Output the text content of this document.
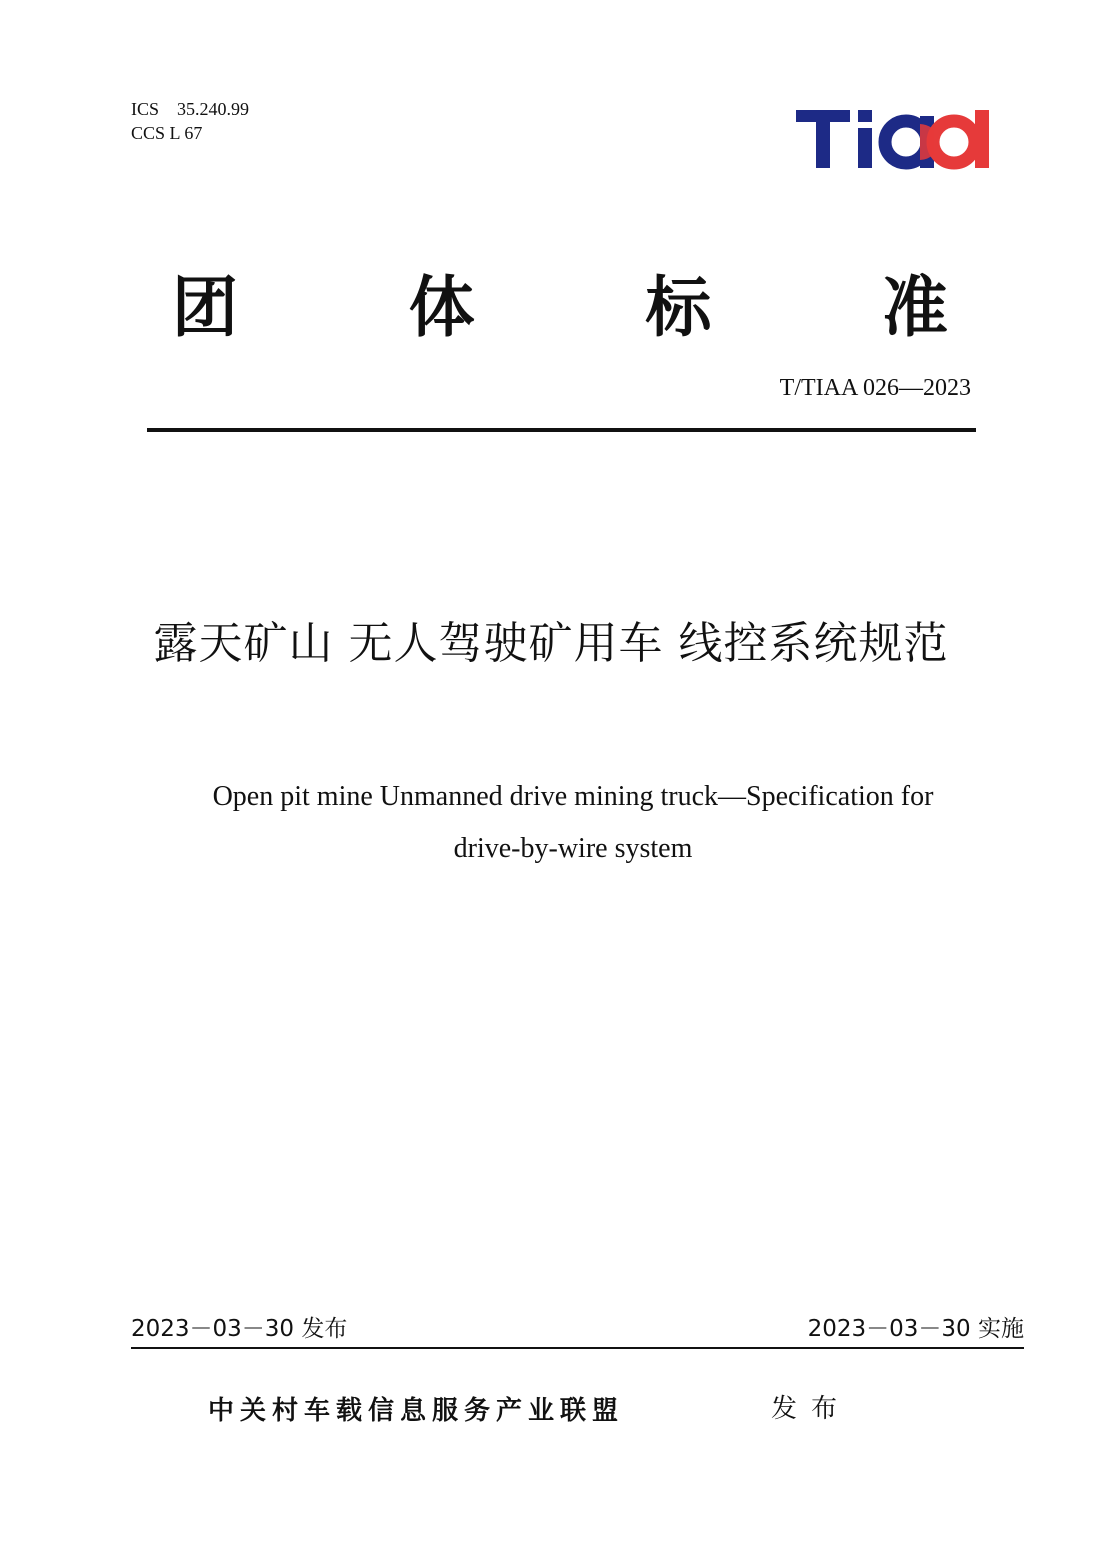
ICS    35.240.99
CCS L 67
团	体	标	准
T/TIAA 026—2023
露天矿山 无人驾驶矿用车 线控系统规范
Open pit mine Unmanned drive mining truck—Specification for
drive-by-wire system
2023－03－30 发布	2023－03－30 实施
中关村车载信息服务产业联盟	发布
